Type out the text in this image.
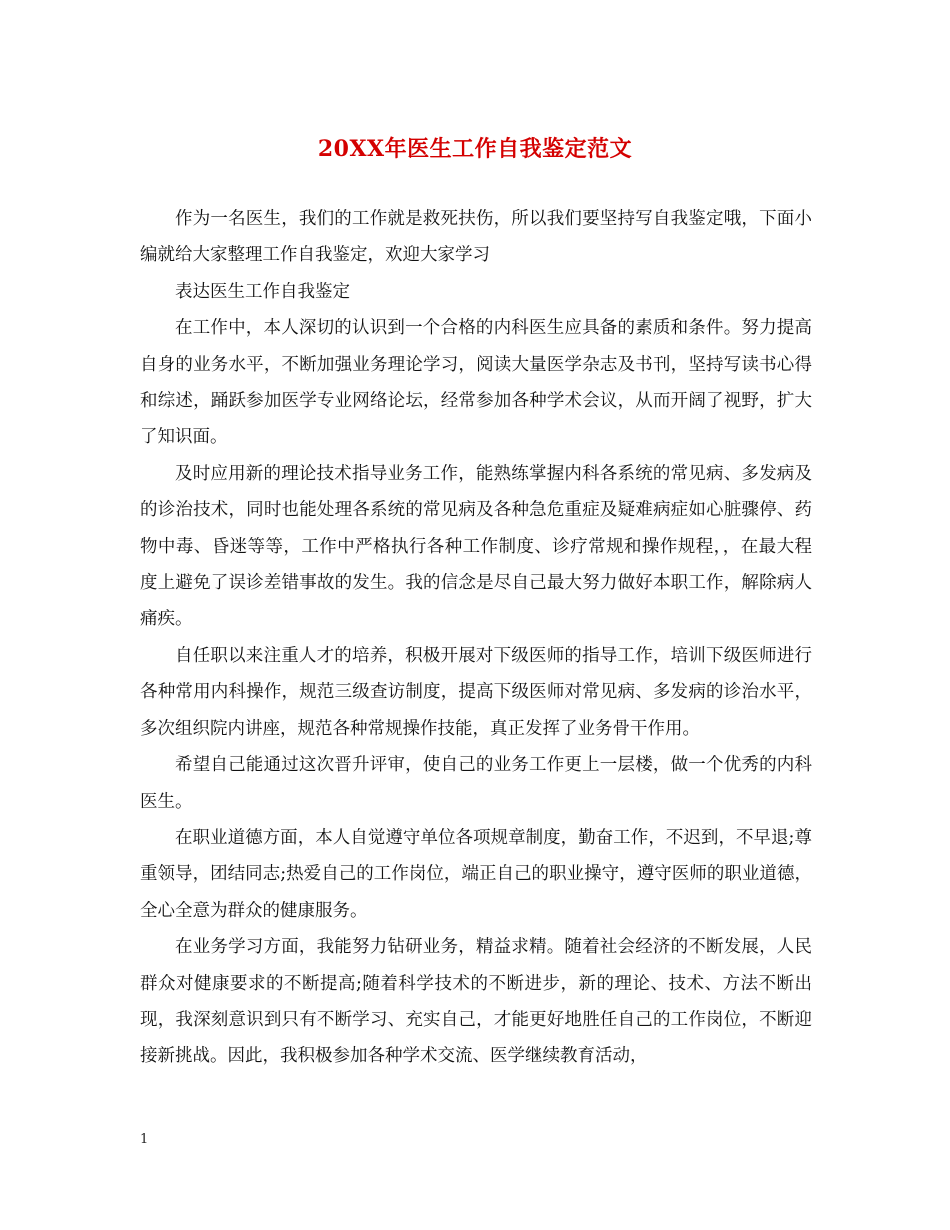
20XX年医生工作自我鉴定范文

作为一名医生，我们的工作就是救死扶伤，所以我们要坚持写自我鉴定哦，下面小编就给大家整理工作自我鉴定，欢迎大家学习

表达医生工作自我鉴定

在工作中，本人深切的认识到一个合格的内科医生应具备的素质和条件。努力提高自身的业务水平，不断加强业务理论学习，阅读大量医学杂志及书刊，坚持写读书心得和综述，踊跃参加医学专业网络论坛，经常参加各种学术会议，从而开阔了视野，扩大了知识面。

及时应用新的理论技术指导业务工作，能熟练掌握内科各系统的常见病、多发病及的诊治技术，同时也能处理各系统的常见病及各种急危重症及疑难病症如心脏骤停、药物中毒、昏迷等等，工作中严格执行各种工作制度、诊疗常规和操作规程，，在最大程度上避免了误诊差错事故的发生。我的信念是尽自己最大努力做好本职工作，解除病人痛疾。

自任职以来注重人才的培养，积极开展对下级医师的指导工作，培训下级医师进行各种常用内科操作，规范三级查访制度，提高下级医师对常见病、多发病的诊治水平，多次组织院内讲座，规范各种常规操作技能，真正发挥了业务骨干作用。

希望自己能通过这次晋升评审，使自己的业务工作更上一层楼，做一个优秀的内科医生。

在职业道德方面，本人自觉遵守单位各项规章制度，勤奋工作，不迟到，不早退;尊重领导，团结同志;热爱自己的工作岗位，端正自己的职业操守，遵守医师的职业道德，全心全意为群众的健康服务。

在业务学习方面，我能努力钻研业务，精益求精。随着社会经济的不断发展，人民群众对健康要求的不断提高;随着科学技术的不断进步，新的理论、技术、方法不断出现，我深刻意识到只有不断学习、充实自己，才能更好地胜任自己的工作岗位，不断迎接新挑战。因此，我积极参加各种学术交流、医学继续教育活动，

1
